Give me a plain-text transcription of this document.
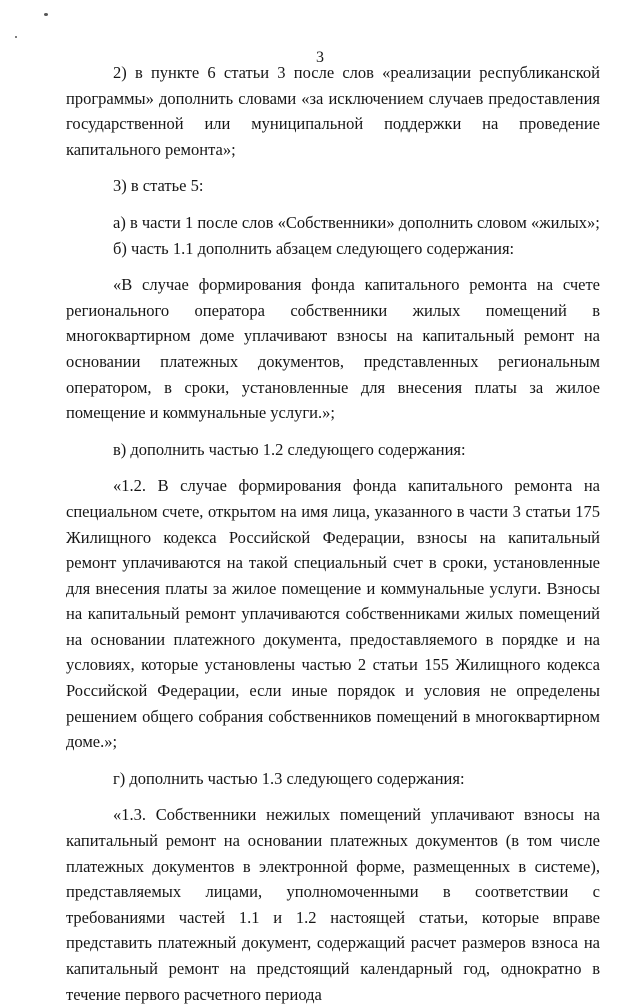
3

2) в пункте 6 статьи 3 после слов «реализации республиканской программы» дополнить словами «за исключением случаев предоставления государственной или муниципальной поддержки на проведение капитального ремонта»;

3) в статье 5:

а) в части 1 после слов «Собственники» дополнить словом «жилых»;

б) часть 1.1 дополнить абзацем следующего содержания:

«В случае формирования фонда капитального ремонта на счете регионального оператора собственники жилых помещений в многоквартирном доме уплачивают взносы на капитальный ремонт на основании платежных документов, представленных региональным оператором, в сроки, установленные для внесения платы за жилое помещение и коммунальные услуги.»;

в) дополнить частью 1.2 следующего содержания:

«1.2. В случае формирования фонда капитального ремонта на специальном счете, открытом на имя лица, указанного в части 3 статьи 175 Жилищного кодекса Российской Федерации, взносы на капитальный ремонт уплачиваются на такой специальный счет в сроки, установленные для внесения платы за жилое помещение и коммунальные услуги. Взносы на капитальный ремонт уплачиваются собственниками жилых помещений на основании платежного документа, предоставляемого в порядке и на условиях, которые установлены частью 2 статьи 155 Жилищного кодекса Российской Федерации, если иные порядок и условия не определены решением общего собрания собственников помещений в многоквартирном доме.»;

г) дополнить частью 1.3 следующего содержания:

«1.3. Собственники нежилых помещений уплачивают взносы на капитальный ремонт на основании платежных документов (в том числе платежных документов в электронной форме, размещенных в системе), представляемых лицами, уполномоченными в соответствии с требованиями частей 1.1 и 1.2 настоящей статьи, которые вправе представить платежный документ, содержащий расчет размеров взноса на капитальный ремонт на предстоящий календарный год, однократно в течение первого расчетного периода
